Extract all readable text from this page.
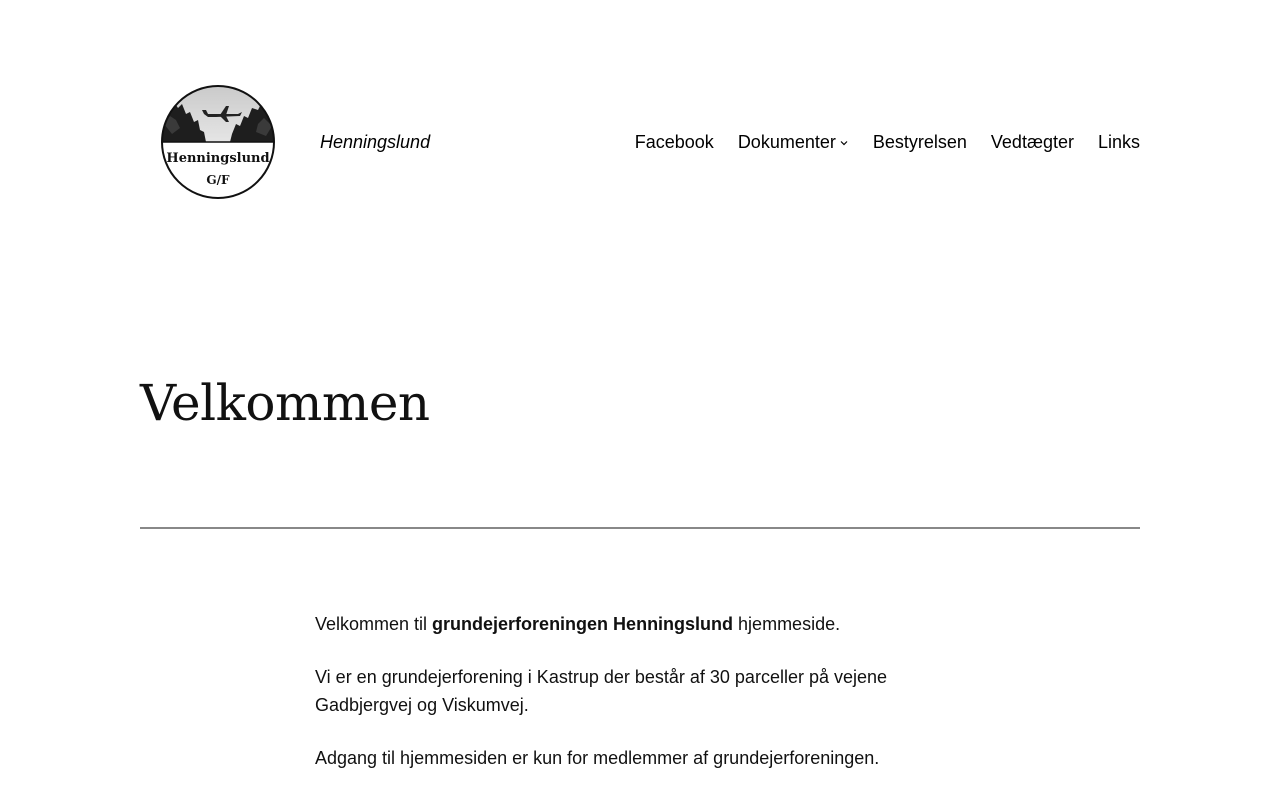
Henningslund
G/F
Henningslund	Facebook Dokumenter Bestyrelsen Vedtægter Links
Velkommen

Velkommen til grundejerforeningen Henningslund hjemmeside.

Vi er en grundejerforening i Kastrup der består af 30 parceller på vejene Gadbjergvej og Viskumvej.

Adgang til hjemmesiden er kun for medlemmer af grundejerforeningen.
